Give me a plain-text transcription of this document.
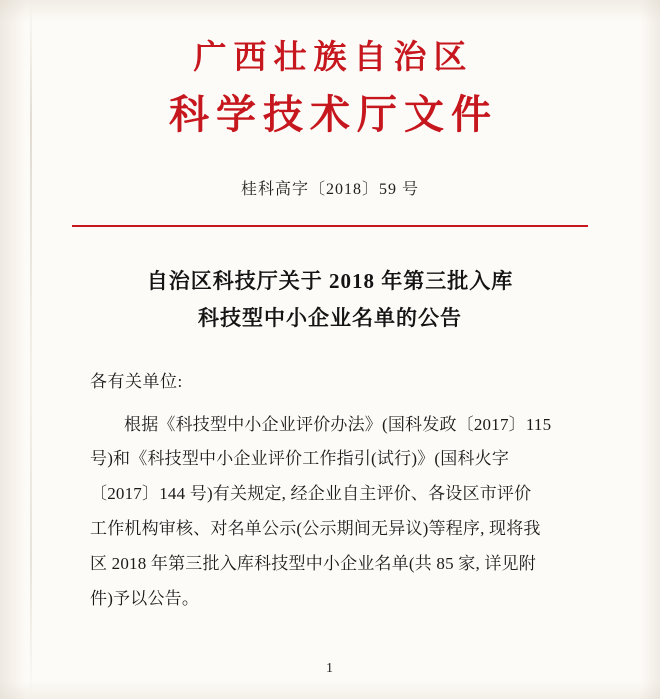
广西壮族自治区
科学技术厅文件
桂科高字〔2018〕59 号
自治区科技厅关于 2018 年第三批入库
科技型中小企业名单的公告
各有关单位:
根据《科技型中小企业评价办法》(国科发政〔2017〕115
号)和《科技型中小企业评价工作指引(试行)》(国科火字
〔2017〕144 号)有关规定, 经企业自主评价、各设区市评价
工作机构审核、对名单公示(公示期间无异议)等程序, 现将我
区 2018 年第三批入库科技型中小企业名单(共 85 家, 详见附
件)予以公告。
1
